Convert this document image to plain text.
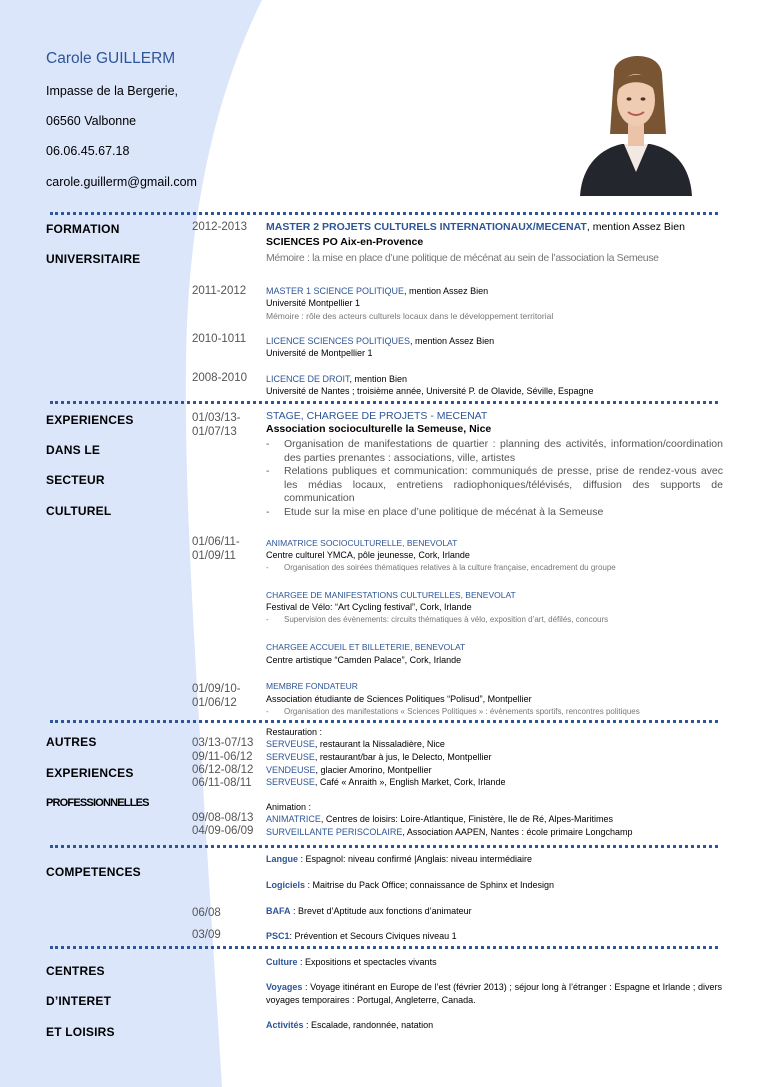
Carole GUILLERM
Impasse de la Bergerie,
06560 Valbonne
06.06.45.67.18
carole.guillerm@gmail.com
FORMATION
UNIVERSITAIRE
2012-2013 MASTER 2 PROJETS CULTURELS INTERNATIONAUX/MECENAT, mention Assez Bien
SCIENCES PO Aix-en-Provence
Mémoire : la mise en place d’une politique de mécénat au sein de l’association la Semeuse
2011-2012 MASTER 1 SCIENCE POLITIQUE, mention Assez Bien
Université Montpellier 1
Mémoire : rôle des acteurs culturels locaux dans le développement territorial
2010-1011 LICENCE SCIENCES POLITIQUES, mention Assez Bien
Université de Montpellier 1
2008-2010 LICENCE DE DROIT, mention Bien
Université de Nantes ; troisième année, Université P. de Olavide, Séville, Espagne
EXPERIENCES
DANS LE
SECTEUR
CULTUREL
01/03/13-
01/07/13
STAGE, CHARGEE DE PROJETS - MECENAT
Association socioculturelle la Semeuse, Nice
-	Organisation de manifestations de quartier : planning des activités, information/coordination des parties prenantes : associations, ville, artistes
-	Relations publiques et communication: communiqués de presse, prise de rendez-vous avec les médias locaux, entretiens radiophoniques/télévisés, diffusion des supports de communication
-	Etude sur la mise en place d’une politique de mécénat à la Semeuse
01/06/11-
01/09/11
ANIMATRICE SOCIOCULTURELLE, BENEVOLAT
Centre culturel YMCA, pôle jeunesse, Cork, Irlande
- Organisation des soirées thématiques relatives à la culture française, encadrement du groupe
CHARGEE DE MANIFESTATIONS CULTURELLES, BENEVOLAT
Festival de Vélo: “Art Cycling festival”, Cork, Irlande
- Supervision des évènements: circuits thématiques à vélo, exposition d’art, défilés, concours
CHARGEE ACCUEIL ET BILLETERIE, BENEVOLAT
Centre artistique “Camden Palace”, Cork, Irlande
01/09/10-
01/06/12
MEMBRE FONDATEUR
Association étudiante de Sciences Politiques “Polisud”, Montpellier
- Organisation des manifestations « Sciences Politiques » : évènements sportifs, rencontres politiques
AUTRES
EXPERIENCES
PROFESSIONNELLES
Restauration :
03/13-07/13 SERVEUSE, restaurant la Nissaladière, Nice
09/11-06/12 SERVEUSE, restaurant/bar à jus, le Delecto, Montpellier
06/12-08/12 VENDEUSE, glacier Amorino, Montpellier
06/11-08/11 SERVEUSE, Café « Anraith », English Market, Cork, Irlande
Animation :
09/08-08/13 ANIMATRICE, Centres de loisirs: Loire-Atlantique, Finistère, Ile de Ré, Alpes-Maritimes
04/09-06/09 SURVEILLANTE PERISCOLAIRE, Association AAPEN, Nantes : école primaire Longchamp
COMPETENCES
Langue : Espagnol: niveau confirmé |Anglais: niveau intermédiaire
Logiciels : Maitrise du Pack Office; connaissance de Sphinx et Indesign
06/08	BAFA : Brevet d’Aptitude aux fonctions d’animateur
03/09	PSC1: Prévention et Secours Civiques niveau 1
CENTRES
D’INTERET
ET LOISIRS
Culture : Expositions et spectacles vivants
Voyages : Voyage itinérant en Europe de l’est (février 2013) ; séjour long à l’étranger : Espagne et Irlande ; divers voyages temporaires : Portugal, Angleterre, Canada.
Activités : Escalade, randonnée, natation
